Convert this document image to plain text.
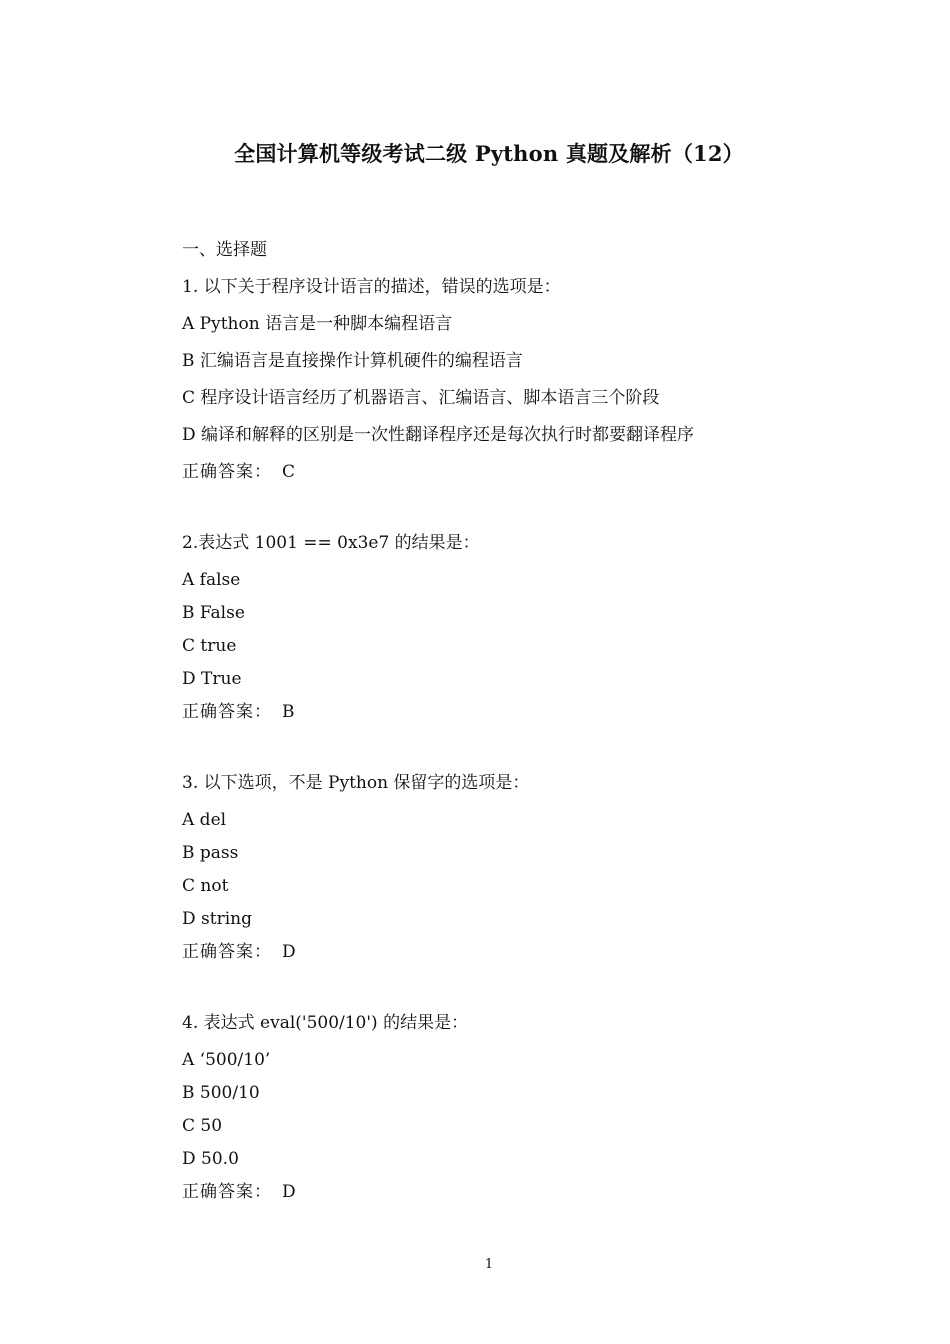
全国计算机等级考试二级 Python 真题及解析（12）
一、选择题
1. 以下关于程序设计语言的描述，错误的选项是：
A Python 语言是一种脚本编程语言
B 汇编语言是直接操作计算机硬件的编程语言
C 程序设计语言经历了机器语言、汇编语言、脚本语言三个阶段
D 编译和解释的区别是一次性翻译程序还是每次执行时都要翻译程序
正确答案： C
2.表达式 1001 == 0x3e7 的结果是：
A false
B False
C true
D True
正确答案： B
3. 以下选项，不是 Python 保留字的选项是：
A del
B pass
C not
D string
正确答案： D
4. 表达式 eval('500/10') 的结果是：
A ‘500/10’
B 500/10
C 50
D 50.0
正确答案： D
1
